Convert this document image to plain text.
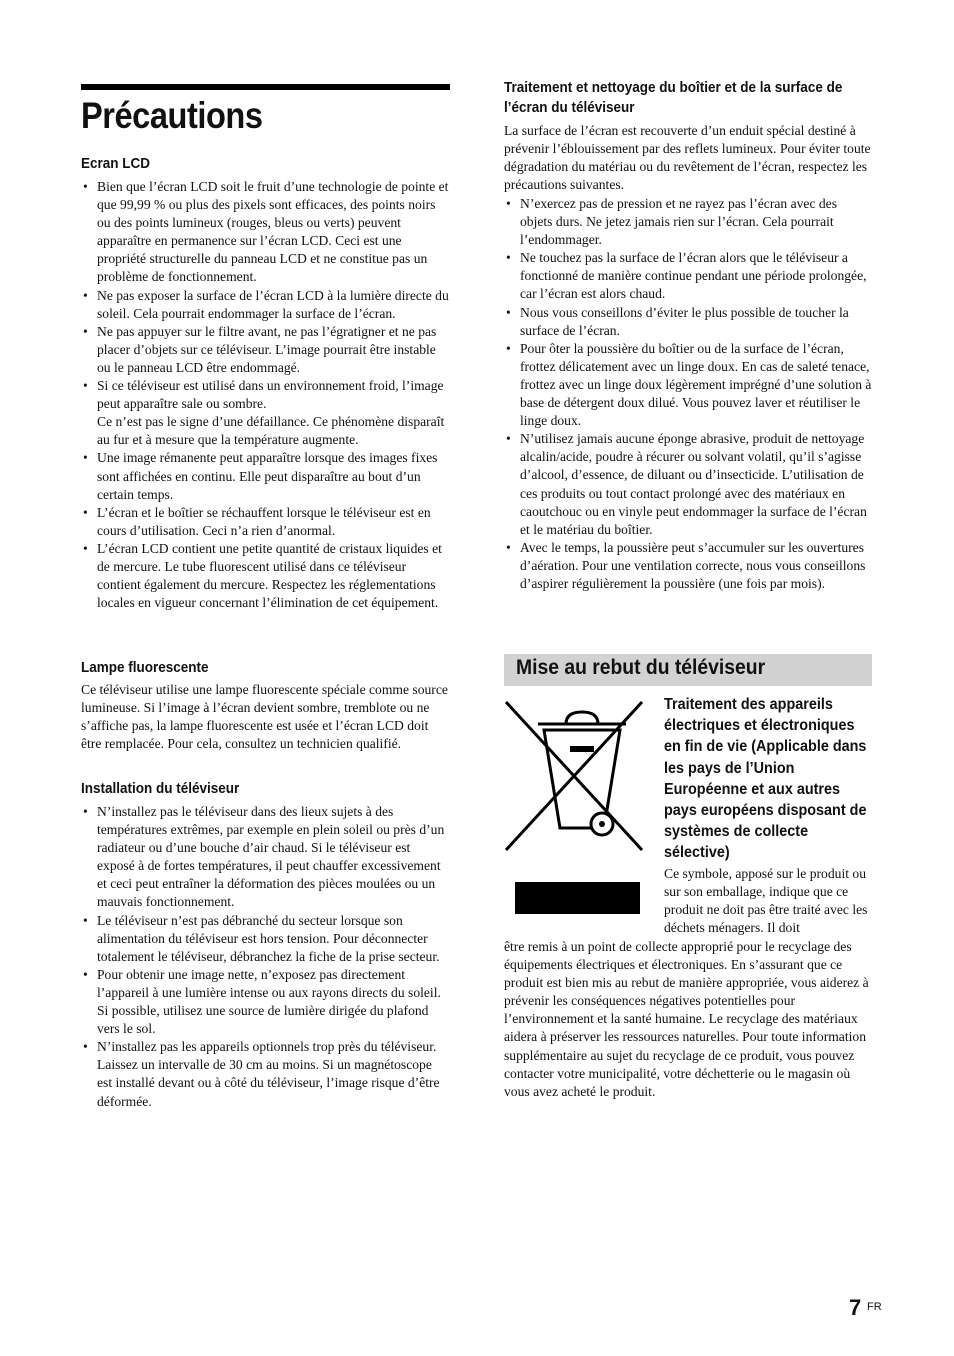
Précautions
Ecran LCD
• Bien que l’écran LCD soit le fruit d’une technologie de pointe et que 99,99 % ou plus des pixels sont efficaces, des points noirs ou des points lumineux (rouges, bleus ou verts) peuvent apparaître en permanence sur l’écran LCD. Ceci est une propriété structurelle du panneau LCD et ne constitue pas un problème de fonctionnement.
• Ne pas exposer la surface de l’écran LCD à la lumière directe du soleil. Cela pourrait endommager la surface de l’écran.
• Ne pas appuyer sur le filtre avant, ne pas l’égratigner et ne pas placer d’objets sur ce téléviseur. L’image pourrait être instable ou le panneau LCD être endommagé.
• Si ce téléviseur est utilisé dans un environnement froid, l’image peut apparaître sale ou sombre.
Ce n’est pas le signe d’une défaillance. Ce phénomène disparaît au fur et à mesure que la température augmente.
• Une image rémanente peut apparaître lorsque des images fixes sont affichées en continu. Elle peut disparaître au bout d’un certain temps.
• L’écran et le boîtier se réchauffent lorsque le téléviseur est en cours d’utilisation. Ceci n’a rien d’anormal.
• L’écran LCD contient une petite quantité de cristaux liquides et de mercure. Le tube fluorescent utilisé dans ce téléviseur contient également du mercure. Respectez les réglementations locales en vigueur concernant l’élimination de cet équipement.
Lampe fluorescente

Ce téléviseur utilise une lampe fluorescente spéciale comme source lumineuse. Si l’image à l’écran devient sombre, tremblote ou ne s’affiche pas, la lampe fluorescente est usée et l’écran LCD doit être remplacée. Pour cela, consultez un technicien qualifié.

Installation du téléviseur
• N’installez pas le téléviseur dans des lieux sujets à des températures extrêmes, par exemple en plein soleil ou près d’un radiateur ou d’une bouche d’air chaud. Si le téléviseur est exposé à de fortes températures, il peut chauffer excessivement et ceci peut entraîner la déformation des pièces moulées ou un mauvais fonctionnement.
• Le téléviseur n’est pas débranché du secteur lorsque son alimentation du téléviseur est hors tension. Pour déconnecter totalement le téléviseur, débranchez la fiche de la prise secteur.
• Pour obtenir une image nette, n’exposez pas directement l’appareil à une lumière intense ou aux rayons directs du soleil. Si possible, utilisez une source de lumière dirigée du plafond vers le sol.
• N’installez pas les appareils optionnels trop près du téléviseur. Laissez un intervalle de 30 cm au moins. Si un magnétoscope est installé devant ou à côté du téléviseur, l’image risque d’être déformée.
Traitement et nettoyage du boîtier et de la surface de l’écran du téléviseur

La surface de l’écran est recouverte d’un enduit spécial destiné à prévenir l’éblouissement par des reflets lumineux. Pour éviter toute dégradation du matériau ou du revêtement de l’écran, respectez les précautions suivantes.

• N’exercez pas de pression et ne rayez pas l’écran avec des objets durs. Ne jetez jamais rien sur l’écran. Cela pourrait l’endommager.
• Ne touchez pas la surface de l’écran alors que le téléviseur a fonctionné de manière continue pendant une période prolongée, car l’écran est alors chaud.
• Nous vous conseillons d’éviter le plus possible de toucher la surface de l’écran.
• Pour ôter la poussière du boîtier ou de la surface de l’écran, frottez délicatement avec un linge doux. En cas de saleté tenace, frottez avec un linge doux légèrement imprégné d’une solution à base de détergent doux dilué. Vous pouvez laver et réutiliser le linge doux.
• N’utilisez jamais aucune éponge abrasive, produit de nettoyage alcalin/acide, poudre à récurer ou solvant volatil, qu’il s’agisse d’alcool, d’essence, de diluant ou d’insecticide. L’utilisation de ces produits ou tout contact prolongé avec des matériaux en caoutchouc ou en vinyle peut endommager la surface de l’écran et le matériau du boîtier.
• Avec le temps, la poussière peut s’accumuler sur les ouvertures d’aération. Pour une ventilation correcte, nous vous conseillons d’aspirer régulièrement la poussière (une fois par mois).
Mise au rebut du téléviseur
Traitement des appareils électriques et électroniques en fin de vie (Applicable dans les pays de l’Union Européenne et aux autres pays européens disposant de systèmes de collecte sélective)

Ce symbole, apposé sur le produit ou sur son emballage, indique que ce produit ne doit pas être traité avec les déchets ménagers. Il doit

être remis à un point de collecte approprié pour le recyclage des équipements électriques et électroniques. En s’assurant que ce produit est bien mis au rebut de manière appropriée, vous aiderez à prévenir les conséquences négatives potentielles pour l’environnement et la santé humaine. Le recyclage des matériaux aidera à préserver les ressources naturelles. Pour toute information supplémentaire au sujet du recyclage de ce produit, vous pouvez contacter votre municipalité, votre déchetterie ou le magasin où vous avez acheté le produit.

7 FR
